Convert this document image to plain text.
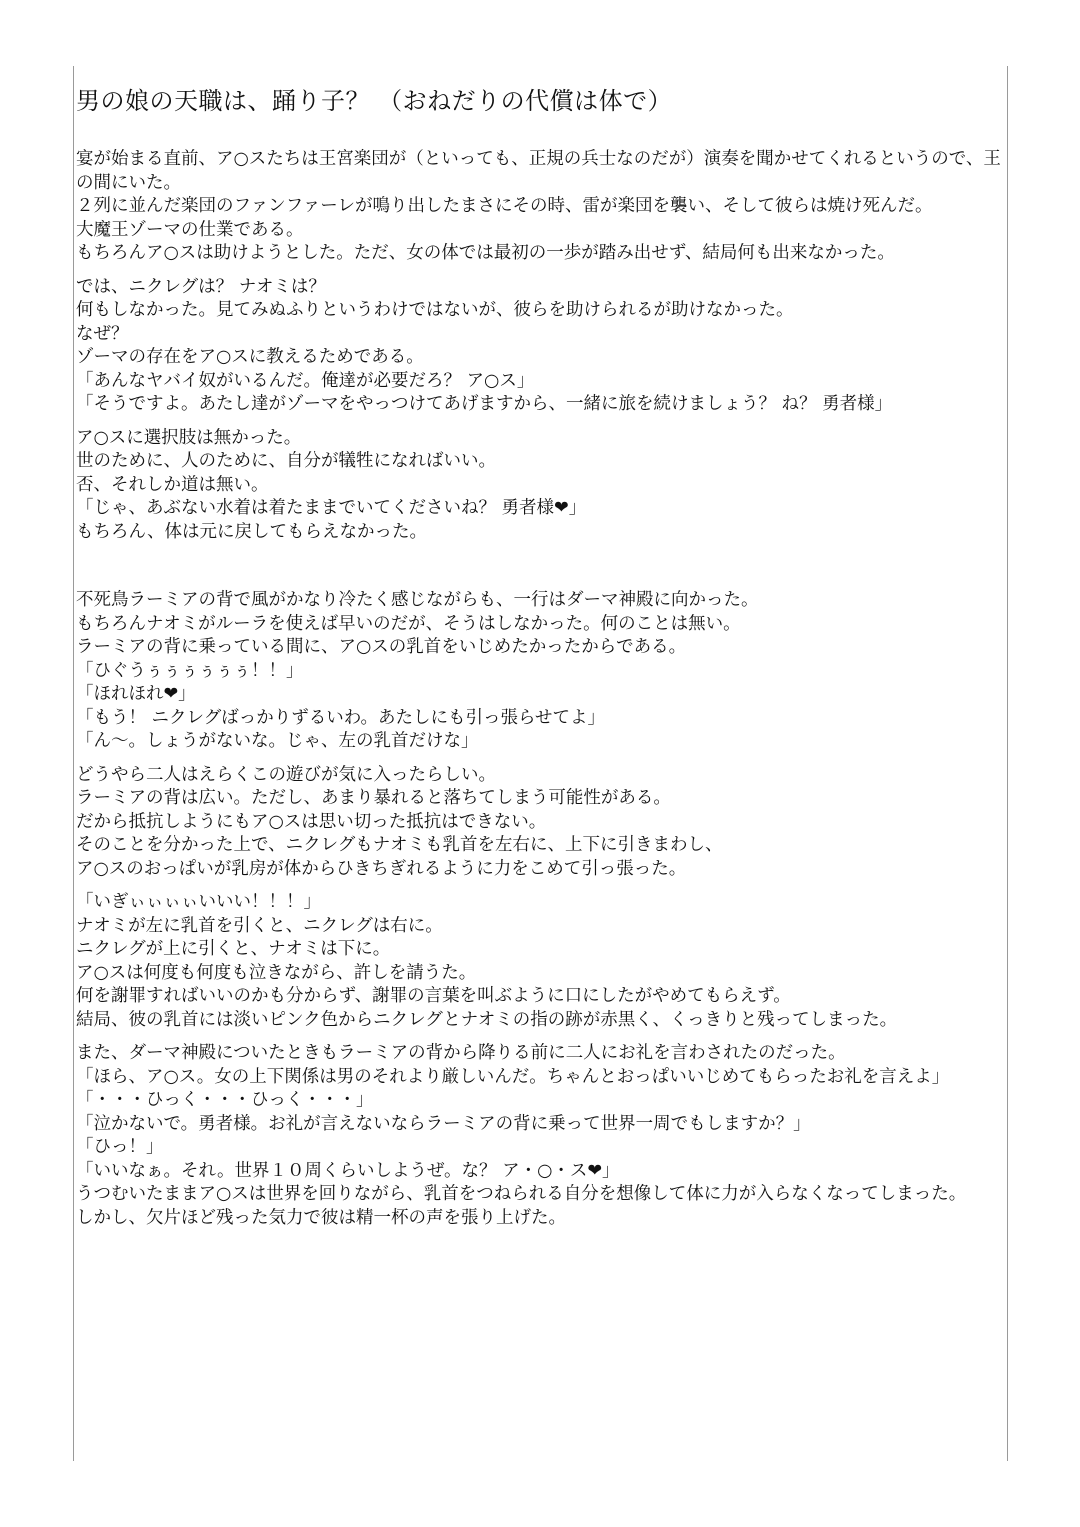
男の娘の天職は、踊り子？ （おねだりの代償は体で）
宴が始まる直前、ア○スたちは王宮楽団が（といっても、正規の兵士なのだが）演奏を聞かせてくれるというので、王の間にいた。
２列に並んだ楽団のファンファーレが鳴り出したまさにその時、雷が楽団を襲い、そして彼らは焼け死んだ。
大魔王ゾーマの仕業である。
もちろんア○スは助けようとした。ただ、女の体では最初の一歩が踏み出せず、結局何も出来なかった。
では、ニクレグは？ ナオミは？
何もしなかった。見てみぬふりというわけではないが、彼らを助けられるが助けなかった。
なぜ？
ゾーマの存在をア○スに教えるためである。
「あんなヤバイ奴がいるんだ。俺達が必要だろ？ ア○ス」
「そうですよ。あたし達がゾーマをやっつけてあげますから、一緒に旅を続けましょう？ ね？ 勇者様」
ア○スに選択肢は無かった。
世のために、人のために、自分が犠牲になればいい。
否、それしか道は無い。
「じゃ、あぶない水着は着たままでいてくださいね？ 勇者様❤」
もちろん、体は元に戻してもらえなかった。
不死鳥ラーミアの背で風がかなり冷たく感じながらも、一行はダーマ神殿に向かった。
もちろんナオミがルーラを使えば早いのだが、そうはしなかった。何のことは無い。
ラーミアの背に乗っている間に、ア○スの乳首をいじめたかったからである。
「ひぐうぅぅぅぅぅぅ！！」
「ほれほれ❤」
「もう！ ニクレグばっかりずるいわ。あたしにも引っ張らせてよ」
「ん～。しょうがないな。じゃ、左の乳首だけな」
どうやら二人はえらくこの遊びが気に入ったらしい。
ラーミアの背は広い。ただし、あまり暴れると落ちてしまう可能性がある。
だから抵抗しようにもア○スは思い切った抵抗はできない。
そのことを分かった上で、ニクレグもナオミも乳首を左右に、上下に引きまわし、
ア○スのおっぱいが乳房が体からひきちぎれるように力をこめて引っ張った。
「いぎぃぃぃぃいいい！！！」
ナオミが左に乳首を引くと、ニクレグは右に。
ニクレグが上に引くと、ナオミは下に。
ア○スは何度も何度も泣きながら、許しを請うた。
何を謝罪すればいいのかも分からず、謝罪の言葉を叫ぶように口にしたがやめてもらえず。
結局、彼の乳首には淡いピンク色からニクレグとナオミの指の跡が赤黒く、くっきりと残ってしまった。
また、ダーマ神殿についたときもラーミアの背から降りる前に二人にお礼を言わされたのだった。
「ほら、ア○ス。女の上下関係は男のそれより厳しいんだ。ちゃんとおっぱいいじめてもらったお礼を言えよ」
「・・・ひっく・・・ひっく・・・」
「泣かないで。勇者様。お礼が言えないならラーミアの背に乗って世界一周でもしますか？」
「ひっ！」
「いいなぁ。それ。世界１０周くらいしようぜ。な？ ア・○・ス❤」
うつむいたままア○スは世界を回りながら、乳首をつねられる自分を想像して体に力が入らなくなってしまった。
しかし、欠片ほど残った気力で彼は精一杯の声を張り上げた。
